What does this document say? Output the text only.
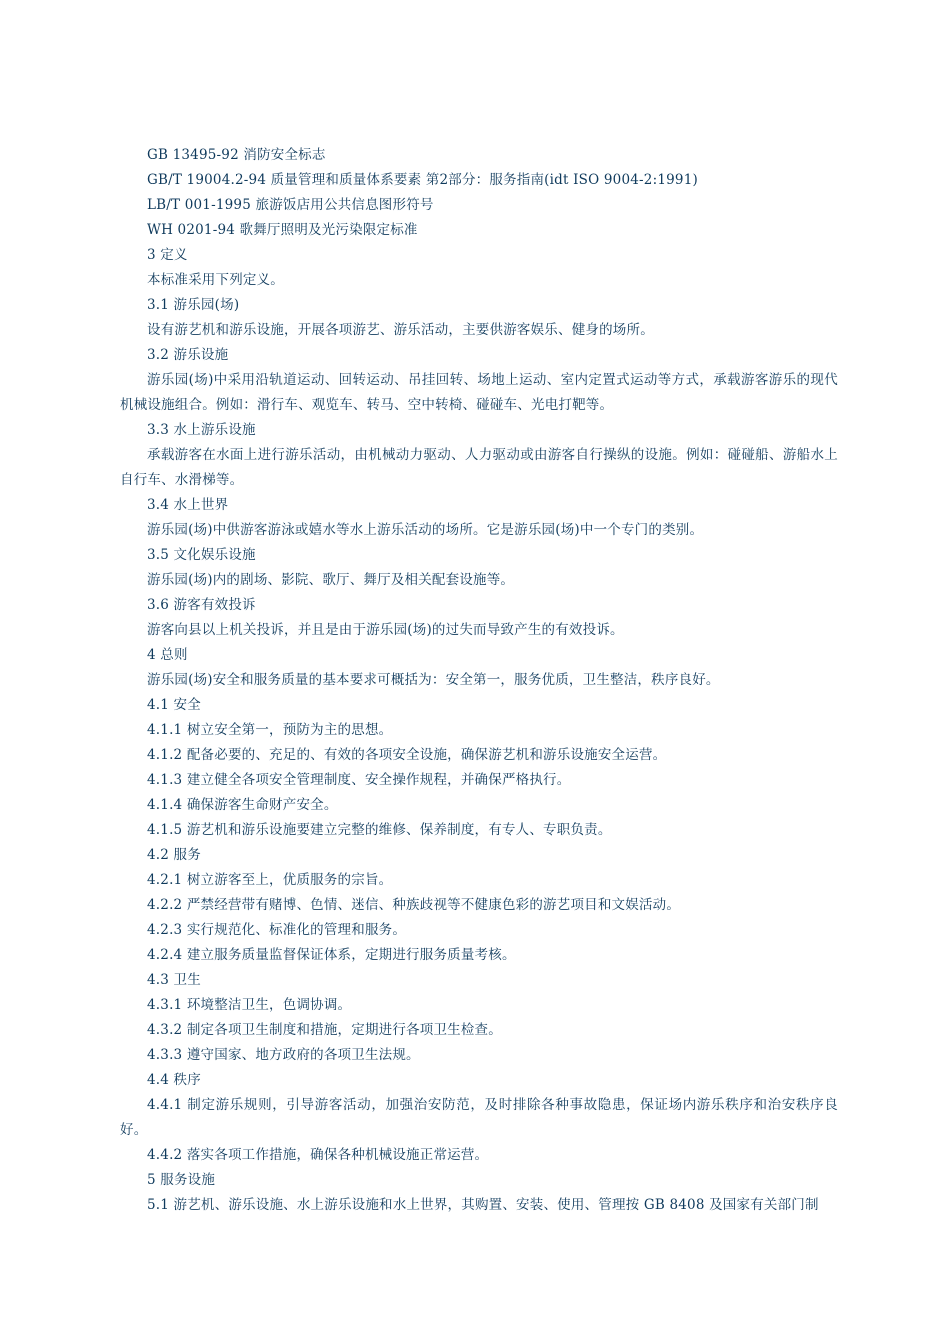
GB 13495-92 消防安全标志
GB/T 19004.2-94 质量管理和质量体系要素 第2部分：服务指南(idt ISO 9004-2:1991)
LB/T 001-1995 旅游饭店用公共信息图形符号
WH 0201-94 歌舞厅照明及光污染限定标准
3 定义
本标准采用下列定义。
3.1 游乐园(场)
设有游艺机和游乐设施，开展各项游艺、游乐活动，主要供游客娱乐、健身的场所。
3.2 游乐设施
游乐园(场)中采用沿轨道运动、回转运动、吊挂回转、场地上运动、室内定置式运动等方式，承载游客游乐的现代机械设施组合。例如：滑行车、观览车、转马、空中转椅、碰碰车、光电打靶等。
3.3 水上游乐设施
承载游客在水面上进行游乐活动，由机械动力驱动、人力驱动或由游客自行操纵的设施。例如：碰碰船、游船水上自行车、水滑梯等。
3.4 水上世界
游乐园(场)中供游客游泳或嬉水等水上游乐活动的场所。它是游乐园(场)中一个专门的类别。
3.5 文化娱乐设施
游乐园(场)内的剧场、影院、歌厅、舞厅及相关配套设施等。
3.6 游客有效投诉
游客向县以上机关投诉，并且是由于游乐园(场)的过失而导致产生的有效投诉。
4 总则
游乐园(场)安全和服务质量的基本要求可概括为：安全第一，服务优质，卫生整洁，秩序良好。
4.1 安全
4.1.1 树立安全第一，预防为主的思想。
4.1.2 配备必要的、充足的、有效的各项安全设施，确保游艺机和游乐设施安全运营。
4.1.3 建立健全各项安全管理制度、安全操作规程，并确保严格执行。
4.1.4 确保游客生命财产安全。
4.1.5 游艺机和游乐设施要建立完整的维修、保养制度，有专人、专职负责。
4.2 服务
4.2.1 树立游客至上，优质服务的宗旨。
4.2.2 严禁经营带有赌博、色情、迷信、种族歧视等不健康色彩的游艺项目和文娱活动。
4.2.3 实行规范化、标准化的管理和服务。
4.2.4 建立服务质量监督保证体系，定期进行服务质量考核。
4.3 卫生
4.3.1 环境整洁卫生，色调协调。
4.3.2 制定各项卫生制度和措施，定期进行各项卫生检查。
4.3.3 遵守国家、地方政府的各项卫生法规。
4.4 秩序
4.4.1 制定游乐规则，引导游客活动，加强治安防范，及时排除各种事故隐患，保证场内游乐秩序和治安秩序良好。
4.4.2 落实各项工作措施，确保各种机械设施正常运营。
5 服务设施
5.1 游艺机、游乐设施、水上游乐设施和水上世界，其购置、安装、使用、管理按 GB 8408 及国家有关部门制
